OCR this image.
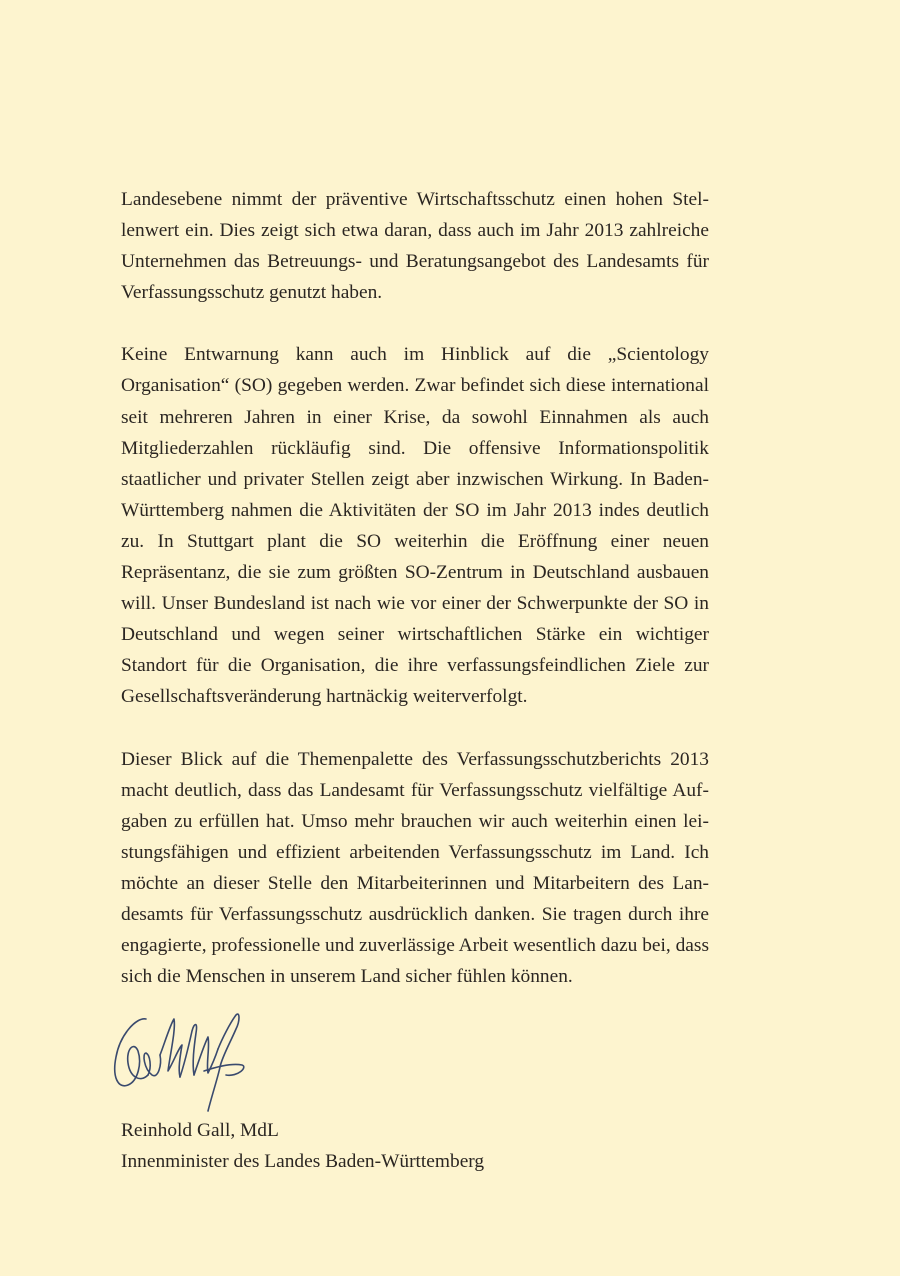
Landesebene nimmt der präventive Wirtschaftsschutz einen hohen Stellenwert ein. Dies zeigt sich etwa daran, dass auch im Jahr 2013 zahlreiche Unternehmen das Betreuungs- und Beratungsangebot des Landesamts für Verfassungsschutz genutzt haben.

Keine Entwarnung kann auch im Hinblick auf die „Scientology Organisation“ (SO) gegeben werden. Zwar befindet sich diese international seit mehreren Jahren in einer Krise, da sowohl Einnahmen als auch Mitgliederzahlen rückläufig sind. Die offensive Informationspolitik staatlicher und privater Stellen zeigt aber inzwischen Wirkung. In Baden-Württemberg nahmen die Aktivitäten der SO im Jahr 2013 indes deutlich zu. In Stuttgart plant die SO weiterhin die Eröffnung einer neuen Repräsentanz, die sie zum größten SO-Zentrum in Deutschland ausbauen will. Unser Bundesland ist nach wie vor einer der Schwerpunkte der SO in Deutschland und wegen seiner wirtschaftlichen Stärke ein wichtiger Standort für die Organisation, die ihre verfassungsfeindlichen Ziele zur Gesellschaftsveränderung hartnäckig weiterverfolgt.

Dieser Blick auf die Themenpalette des Verfassungsschutzberichts 2013 macht deutlich, dass das Landesamt für Verfassungsschutz vielfältige Aufgaben zu erfüllen hat. Umso mehr brauchen wir auch weiterhin einen leistungsfähigen und effizient arbeitenden Verfassungsschutz im Land. Ich möchte an dieser Stelle den Mitarbeiterinnen und Mitarbeitern des Landesamts für Verfassungsschutz ausdrücklich danken. Sie tragen durch ihre engagierte, professionelle und zuverlässige Arbeit wesentlich dazu bei, dass sich die Menschen in unserem Land sicher fühlen können.

Reinhold Gall, MdL
Innenminister des Landes Baden-Württemberg
